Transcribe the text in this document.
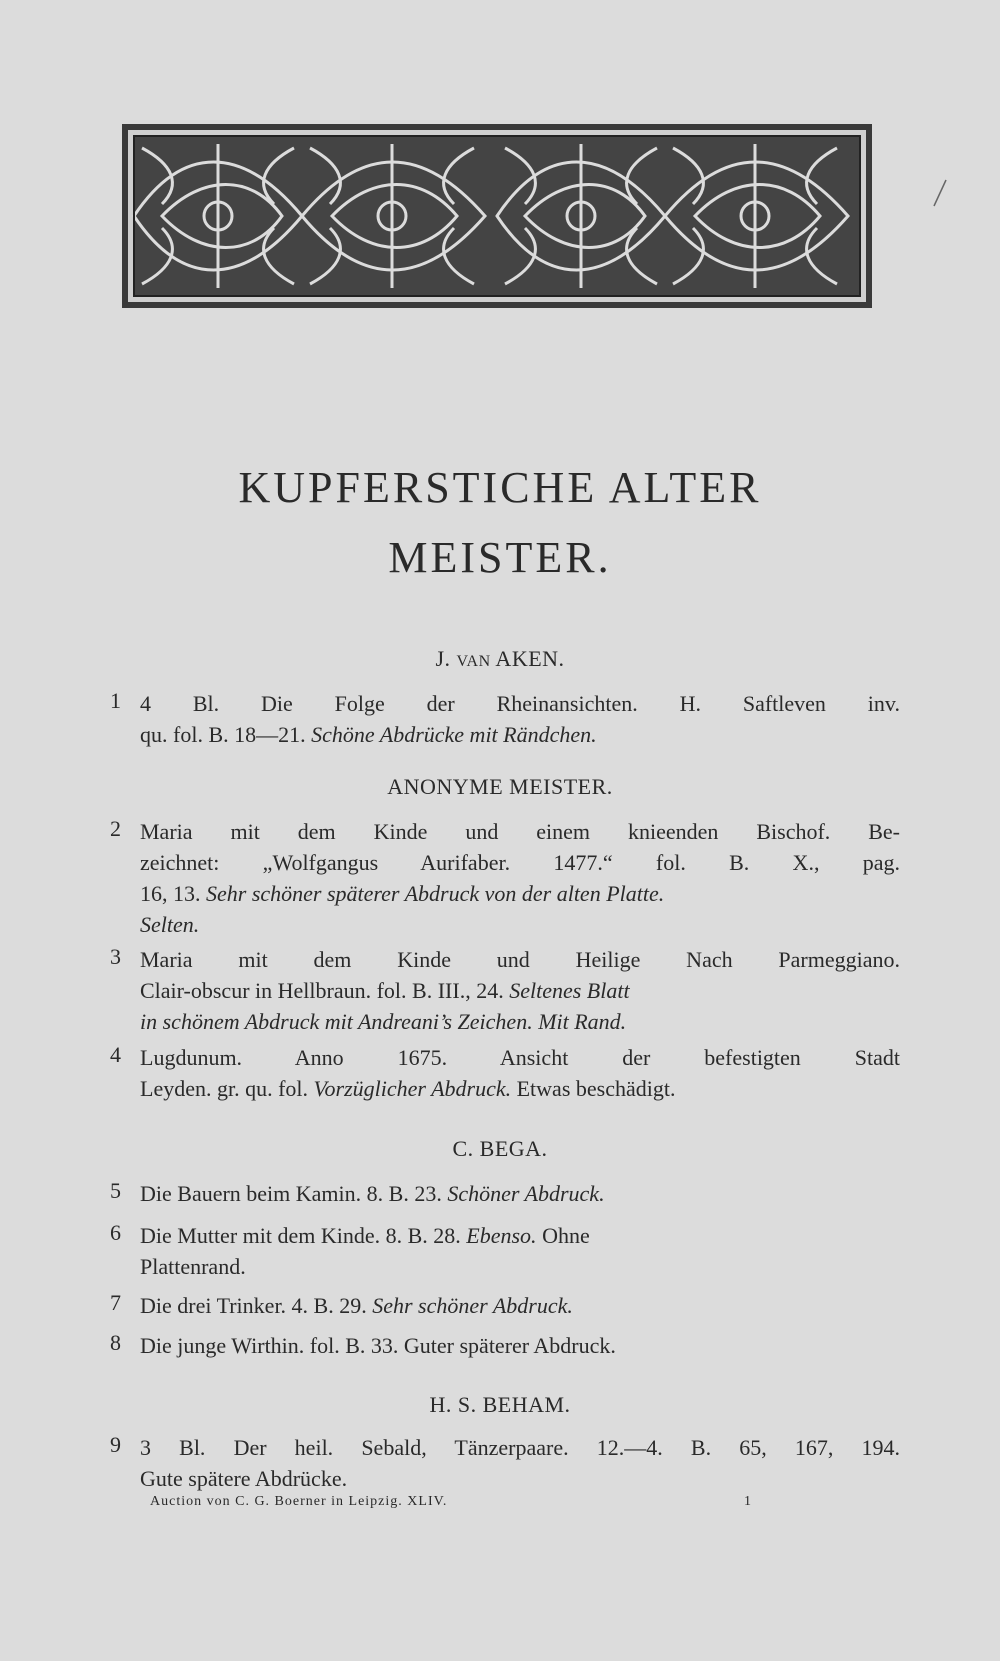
KUPFERSTICHE ALTER
MEISTER.
J. VAN AKEN.
1 4 Bl. Die Folge der Rheinansichten. H. Saftleven inv.
qu. fol. B. 18—21. Schöne Abdrücke mit Rändchen.
ANONYME MEISTER.
2 Maria mit dem Kinde und einem knieenden Bischof. Be-
zeichnet: „Wolfgangus Aurifaber. 1477.“ fol. B. X., pag.
16, 13. Sehr schöner späterer Abdruck von der alten Platte.
Selten.
3 Maria mit dem Kinde und Heilige Nach Parmeggiano.
Clair-obscur in Hellbraun. fol. B. III., 24. Seltenes Blatt
in schönem Abdruck mit Andreani’s Zeichen. Mit Rand.
4 Lugdunum. Anno 1675. Ansicht der befestigten Stadt
Leyden. gr. qu. fol. Vorzüglicher Abdruck. Etwas beschädigt.
C. BEGA.
5 Die Bauern beim Kamin. 8. B. 23. Schöner Abdruck.
6 Die Mutter mit dem Kinde. 8. B. 28. Ebenso. Ohne
Plattenrand.
7 Die drei Trinker. 4. B. 29. Sehr schöner Abdruck.
8 Die junge Wirthin. fol. B. 33. Guter späterer Abdruck.
H. S. BEHAM.
9 3 Bl. Der heil. Sebald, Tänzerpaare. 12.—4. B. 65, 167, 194.
Gute spätere Abdrücke.
Auction von C. G. Boerner in Leipzig. XLIV.	1
